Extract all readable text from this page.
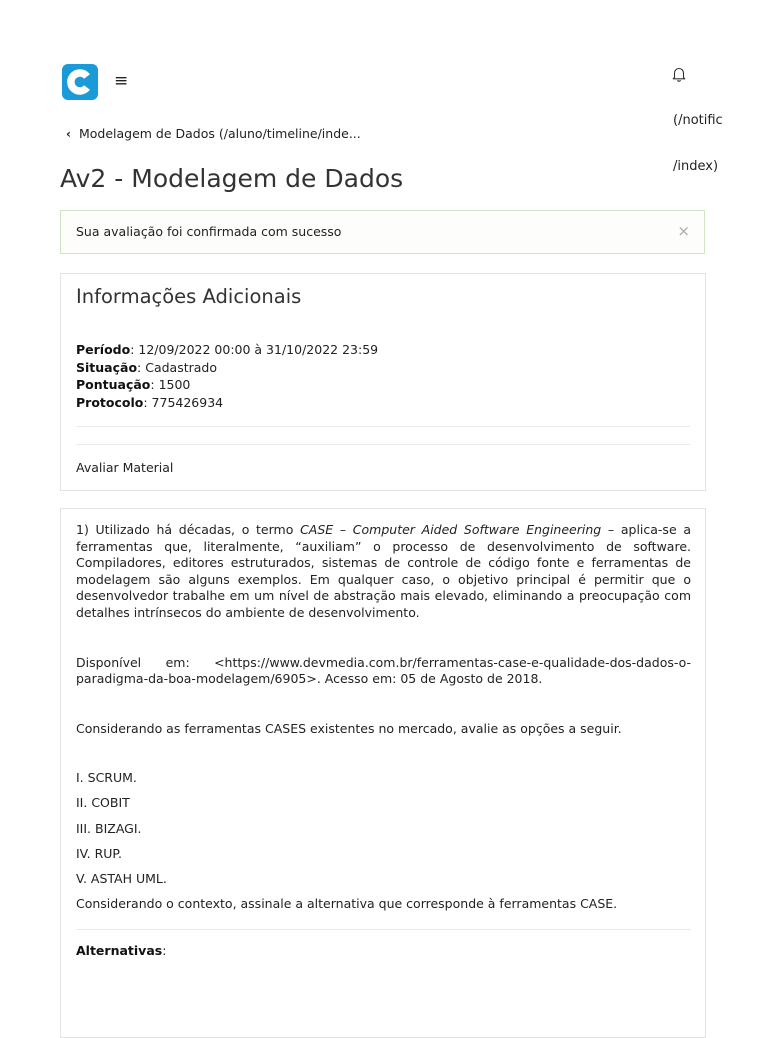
≡
(/notific
/index)
‹ Modelagem de Dados (/aluno/timeline/inde...
Av2 - Modelagem de Dados
Sua avaliação foi confirmada com sucesso	×
Informações Adicionais
Período: 12/09/2022 00:00 à 31/10/2022 23:59
Situação: Cadastrado
Pontuação: 1500
Protocolo: 775426934
Avaliar Material

1) Utilizado há décadas, o termo CASE – Computer Aided Software Engineering – aplica-se a ferramentas que, literalmente, “auxiliam” o processo de desenvolvimento de software. Compiladores, editores estruturados, sistemas de controle de código fonte e ferramentas de modelagem são alguns exemplos. Em qualquer caso, o objetivo principal é permitir que o desenvolvedor trabalhe em um nível de abstração mais elevado, eliminando a preocupação com detalhes intrínsecos do ambiente de desenvolvimento.

Disponível em: <https://www.devmedia.com.br/ferramentas-case-e-qualidade-dos-dados-o-paradigma-da-boa-modelagem/6905>. Acesso em: 05 de Agosto de 2018.

Considerando as ferramentas CASES existentes no mercado, avalie as opções a seguir.

I. SCRUM.
II. COBIT
III. BIZAGI.
IV. RUP.
V. ASTAH UML.

Considerando o contexto, assinale a alternativa que corresponde à ferramentas CASE.

Alternativas:
